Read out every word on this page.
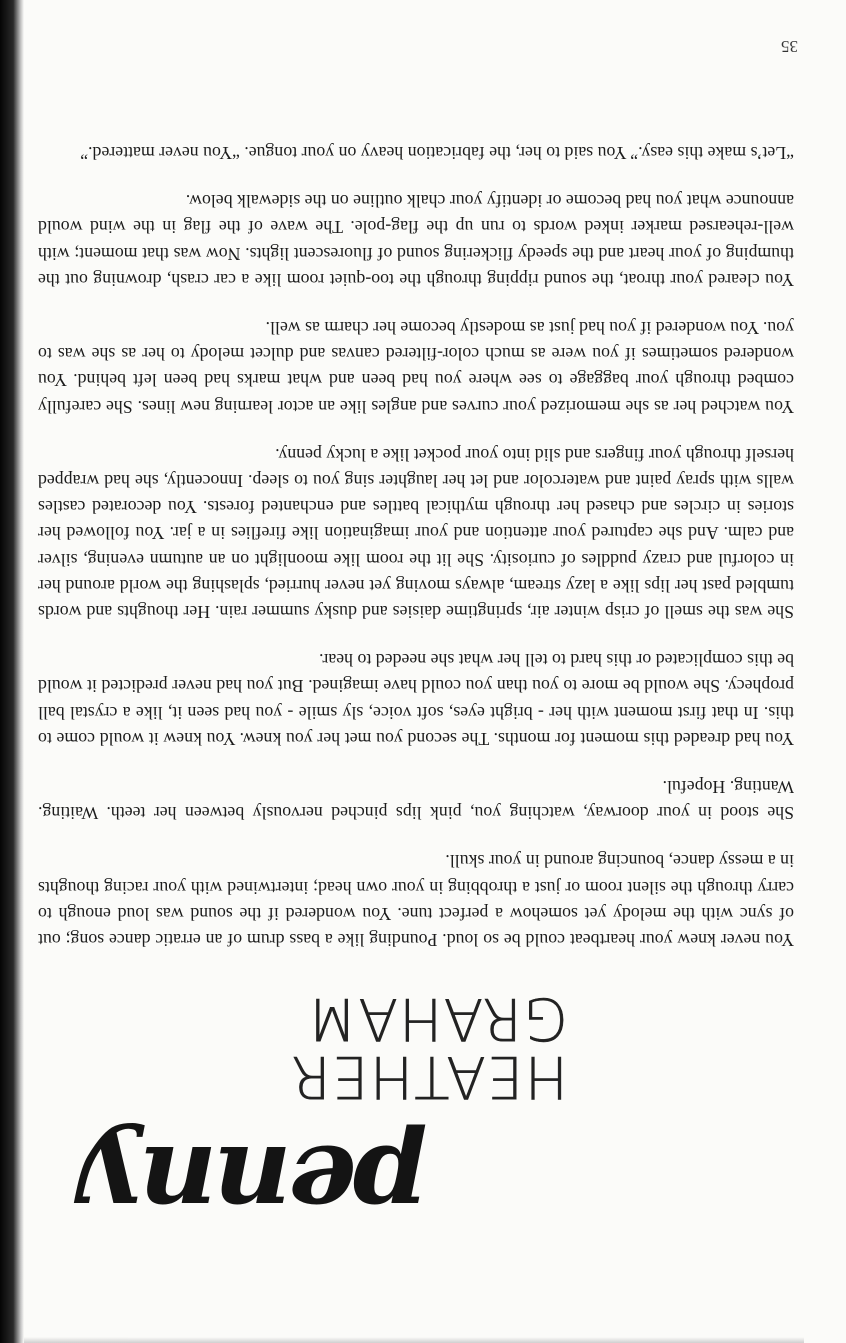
penny
HEATHER GRAHAM

You never knew your heartbeat could be so loud. Pounding like a bass drum of an erratic dance song; out of sync with the melody yet somehow a perfect tune. You wondered if the sound was loud enough to carry through the silent room or just a throbbing in your own head; intertwined with your racing thoughts in a messy dance, bouncing around in your skull.

She stood in your doorway, watching you, pink lips pinched nervously between her teeth. Waiting. Wanting. Hopeful.

You had dreaded this moment for months. The second you met her you knew. You knew it would come to this. In that first moment with her - bright eyes, soft voice, sly smile - you had seen it, like a crystal ball prophecy. She would be more to you than you could have imagined. But you had never predicted it would be this complicated or this hard to tell her what she needed to hear.

She was the smell of crisp winter air, springtime daisies and dusky summer rain. Her thoughts and words tumbled past her lips like a lazy stream, always moving yet never hurried, splashing the world around her in colorful and crazy puddles of curiosity. She lit the room like moonlight on an autumn evening, silver and calm. And she captured your attention and your imagination like fireflies in a jar. You followed her stories in circles and chased her through mythical battles and enchanted forests. You decorated castles walls with spray paint and watercolor and let her laughter sing you to sleep. Innocently, she had wrapped herself through your fingers and slid into your pocket like a lucky penny.

You watched her as she memorized your curves and angles like an actor learning new lines. She carefully combed through your baggage to see where you had been and what marks had been left behind. You wondered sometimes if you were as much color-filtered canvas and dulcet melody to her as she was to you. You wondered if you had just as modestly become her charm as well.

You cleared your throat, the sound ripping through the too-quiet room like a car crash, drowning out the thumping of your heart and the speedy flickering sound of fluorescent lights. Now was that moment; with well-rehearsed marker inked words to run up the flag-pole. The wave of the flag in the wind would announce what you had become or identify your chalk outline on the sidewalk below.

“Let’s make this easy.” You said to her, the fabrication heavy on your tongue. “You never mattered.”

35
